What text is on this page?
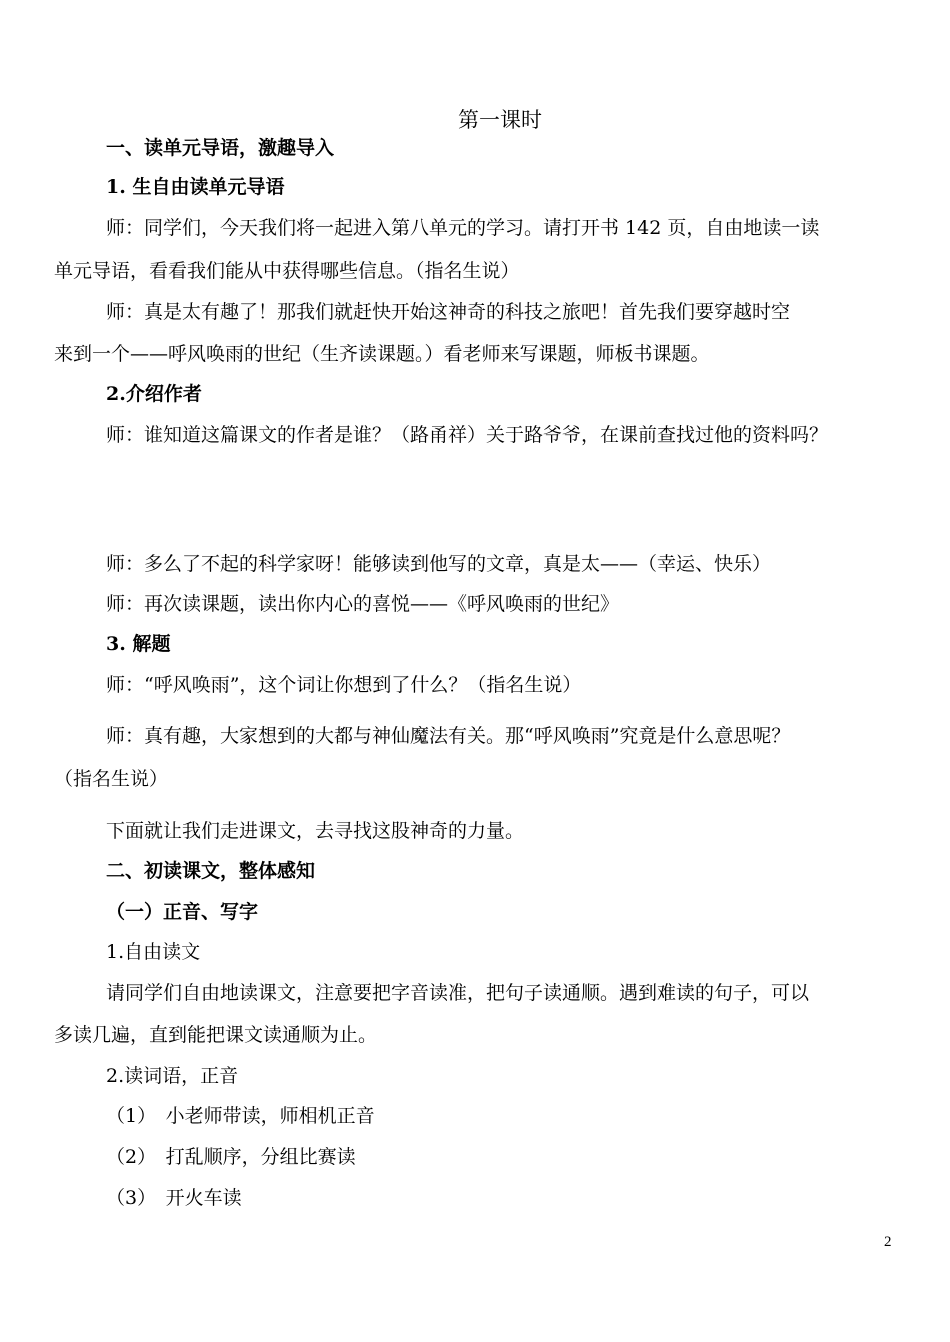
第一课时

一、读单元导语，激趣导入

1. 生自由读单元导语

师：同学们，今天我们将一起进入第八单元的学习。请打开书 142 页，自由地读一读

单元导语，看看我们能从中获得哪些信息。（指名生说）

师：真是太有趣了！那我们就赶快开始这神奇的科技之旅吧！首先我们要穿越时空

来到一个——呼风唤雨的世纪（生齐读课题。）看老师来写课题，师板书课题。

2.介绍作者

师：谁知道这篇课文的作者是谁？（路甬祥）关于路爷爷，在课前查找过他的资料吗？

师：多么了不起的科学家呀！能够读到他写的文章，真是太——（幸运、快乐）

师：再次读课题，读出你内心的喜悦——《呼风唤雨的世纪》

3. 解题

师：“呼风唤雨”，这个词让你想到了什么？（指名生说）

师：真有趣，大家想到的大都与神仙魔法有关。那“呼风唤雨”究竟是什么意思呢？

（指名生说）

下面就让我们走进课文，去寻找这股神奇的力量。

二、初读课文，整体感知

（一）正音、写字

1.自由读文

请同学们自由地读课文，注意要把字音读准，把句子读通顺。遇到难读的句子，可以

多读几遍，直到能把课文读通顺为止。

2.读词语，正音

（1）　小老师带读，师相机正音

（2）　打乱顺序，分组比赛读

（3）　开火车读

2
